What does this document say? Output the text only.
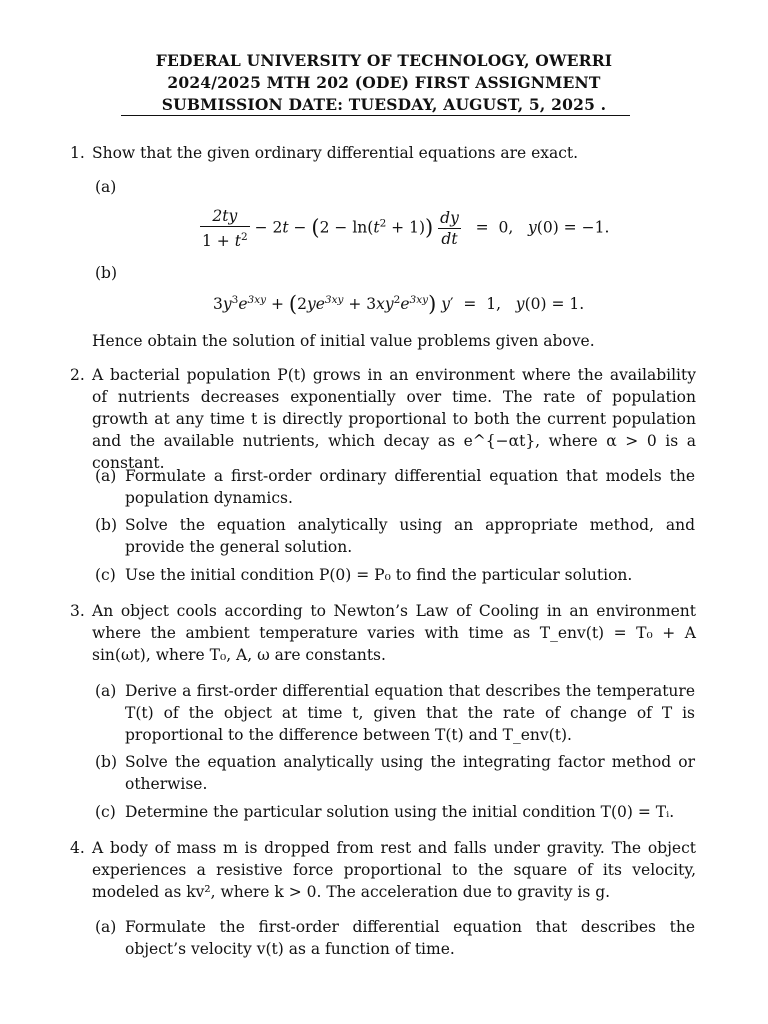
FEDERAL UNIVERSITY OF TECHNOLOGY, OWERRI
2024/2025 MTH 202 (ODE) FIRST ASSIGNMENT
SUBMISSION DATE: TUESDAY, AUGUST, 5, 2025 .
1. Show that the given ordinary differential equations are exact.
(a)
$\frac{2ty}{1 + t^2} - 2t - (2 - \ln(t^2 + 1)) \frac{dy}{dt} = 0$,   y(0) = −1.
(b)
$3y^3e^{3xy} + (2ye^{3xy} + 3xy^2e^{3xy}) y' = 1$,   y(0) = 1.
Hence obtain the solution of initial value problems given above.
2. A bacterial population P(t) grows in an environment where the availability of nutrients decreases exponentially over time. The rate of population growth at any time t is directly proportional to both the current population and the available nutrients, which decay as e^{−αt}, where α > 0 is a constant.
(a) Formulate a first-order ordinary differential equation that models the population dynamics.
(b) Solve the equation analytically using an appropriate method, and provide the general solution.
(c) Use the initial condition P(0) = P₀ to find the particular solution.
3. An object cools according to Newton’s Law of Cooling in an environment where the ambient temperature varies with time as T_env(t) = T₀ + A sin(ωt), where T₀, A, ω are constants.
(a) Derive a first-order differential equation that describes the temperature T(t) of the object at time t, given that the rate of change of T is proportional to the difference between T(t) and T_env(t).
(b) Solve the equation analytically using the integrating factor method or otherwise.
(c) Determine the particular solution using the initial condition T(0) = Tᵢ.
4. A body of mass m is dropped from rest and falls under gravity. The object experiences a resistive force proportional to the square of its velocity, modeled as kv², where k > 0. The acceleration due to gravity is g.
(a) Formulate the first-order differential equation that describes the object’s velocity v(t) as a function of time.
